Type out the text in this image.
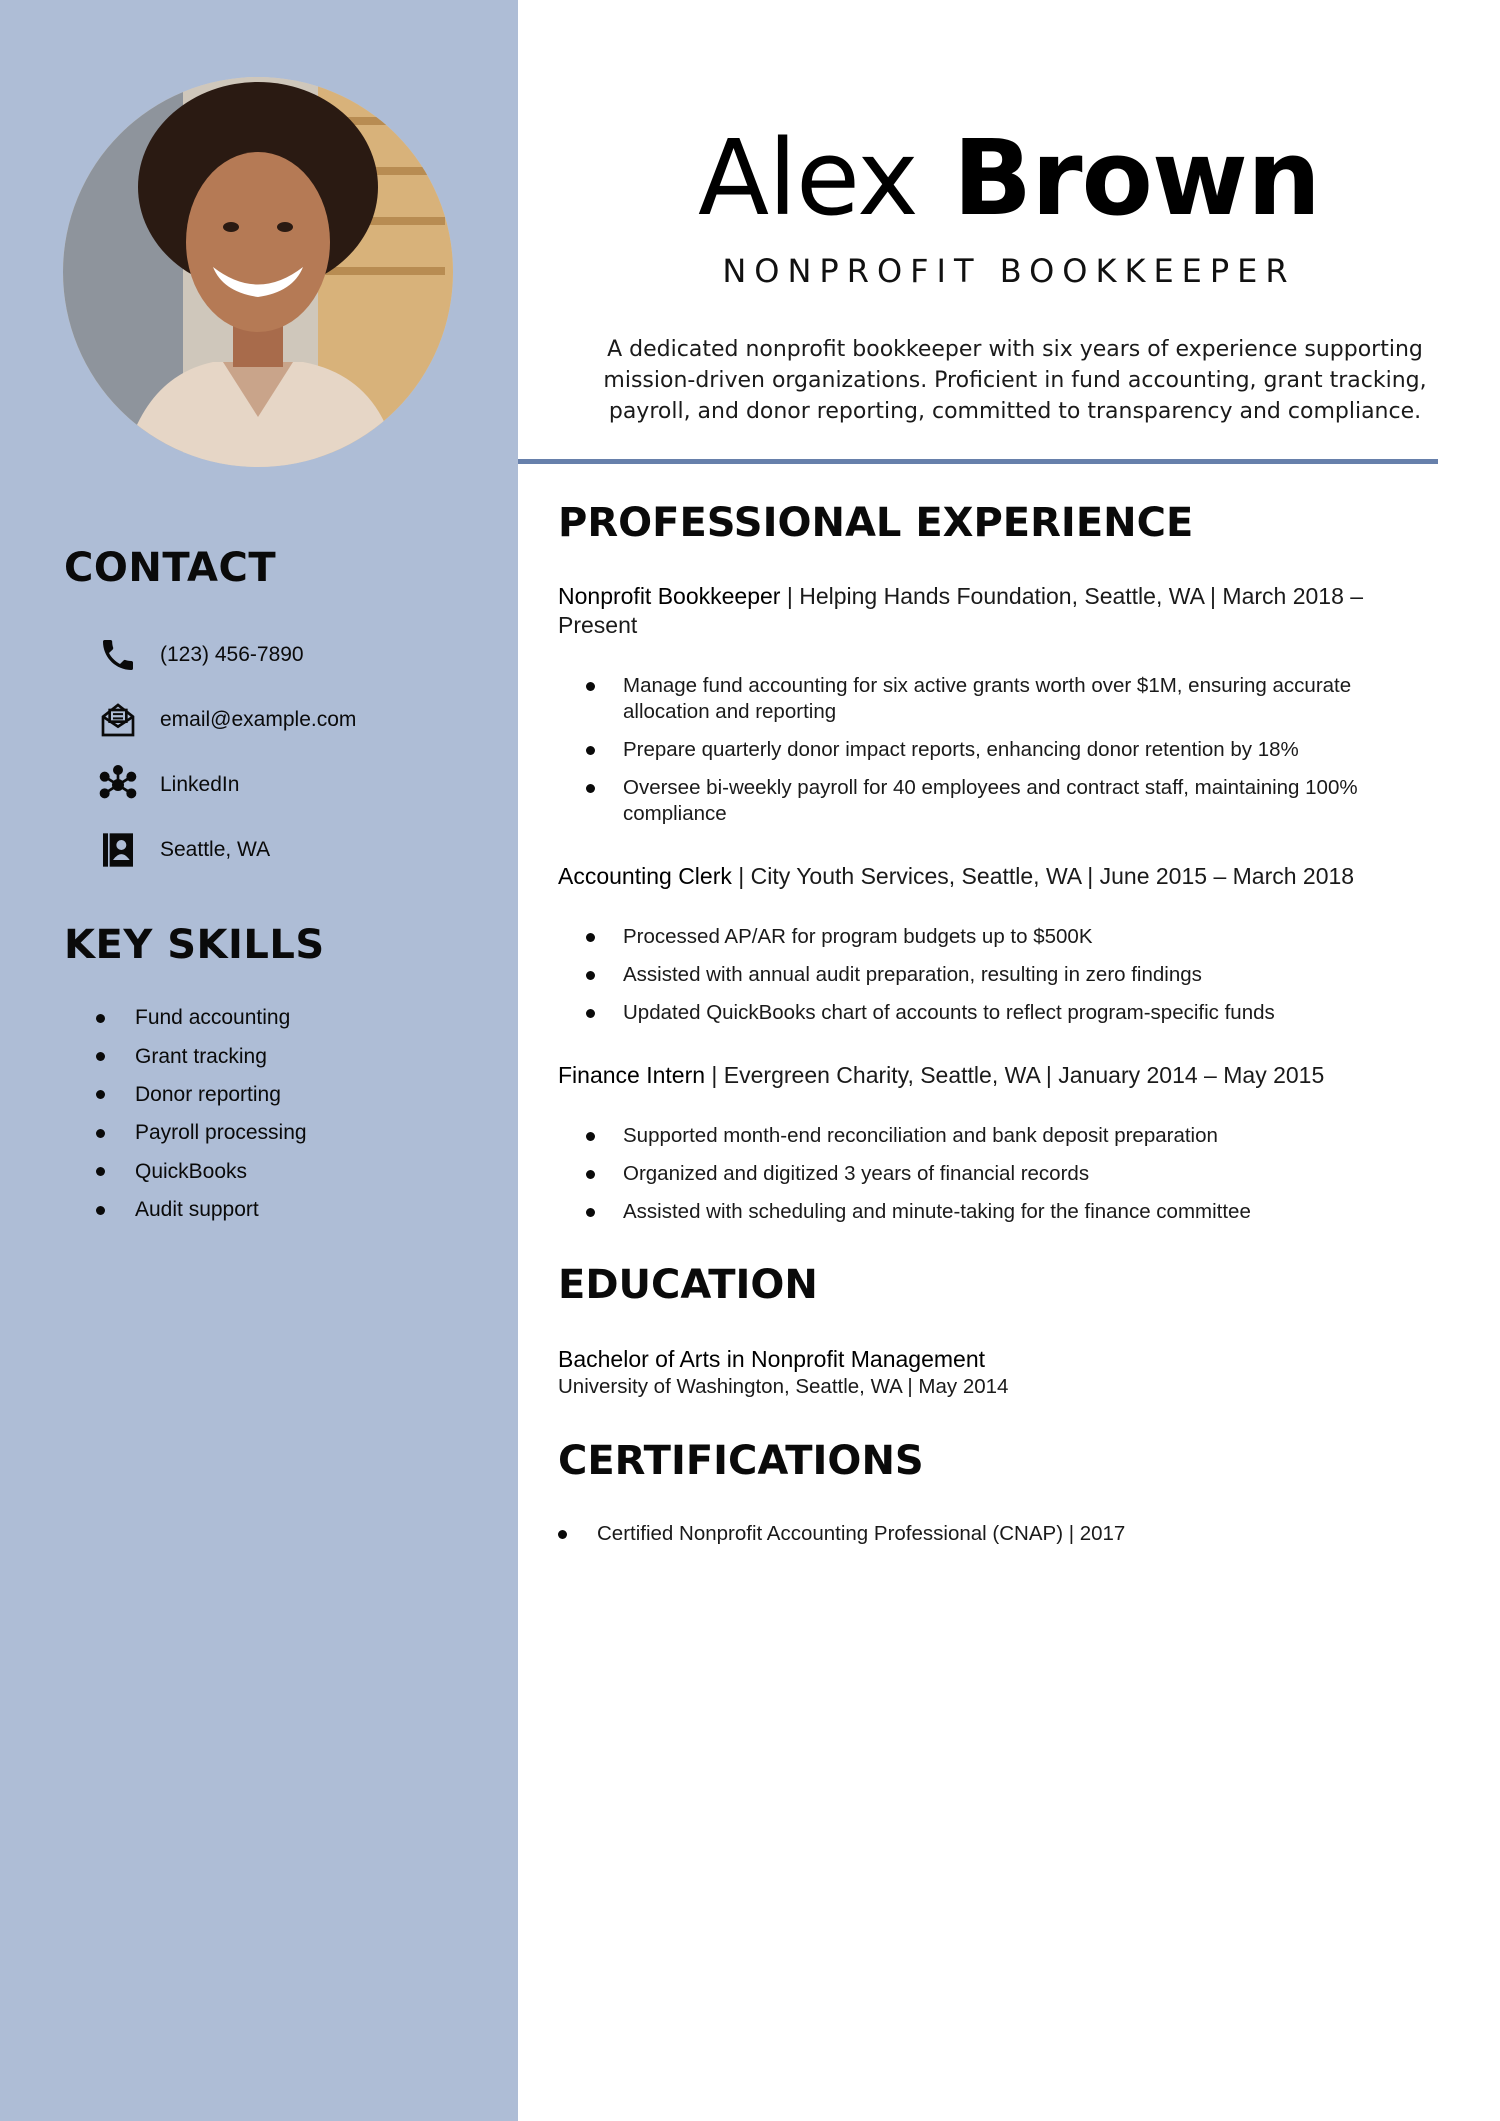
CONTACT
(123) 456-7890
email@example.com
LinkedIn
Seattle, WA
KEY SKILLS
Fund accounting
Grant tracking
Donor reporting
Payroll processing
QuickBooks
Audit support
Alex Brown

NONPROFIT BOOKKEEPER

A dedicated nonprofit bookkeeper with six years of experience supporting mission-driven organizations. Proficient in fund accounting, grant tracking, payroll, and donor reporting, committed to transparency and compliance.

PROFESSIONAL EXPERIENCE

Nonprofit Bookkeeper | Helping Hands Foundation, Seattle, WA | March 2018 – Present

Manage fund accounting for six active grants worth over $1M, ensuring accurate allocation and reporting
Prepare quarterly donor impact reports, enhancing donor retention by 18%
Oversee bi-weekly payroll for 40 employees and contract staff, maintaining 100% compliance

Accounting Clerk | City Youth Services, Seattle, WA | June 2015 – March 2018

Processed AP/AR for program budgets up to $500K
Assisted with annual audit preparation, resulting in zero findings
Updated QuickBooks chart of accounts to reflect program-specific funds

Finance Intern | Evergreen Charity, Seattle, WA | January 2014 – May 2015

Supported month-end reconciliation and bank deposit preparation
Organized and digitized 3 years of financial records
Assisted with scheduling and minute-taking for the finance committee
EDUCATION

Bachelor of Arts in Nonprofit Management

University of Washington, Seattle, WA | May 2014

CERTIFICATIONS
Certified Nonprofit Accounting Professional (CNAP) | 2017
